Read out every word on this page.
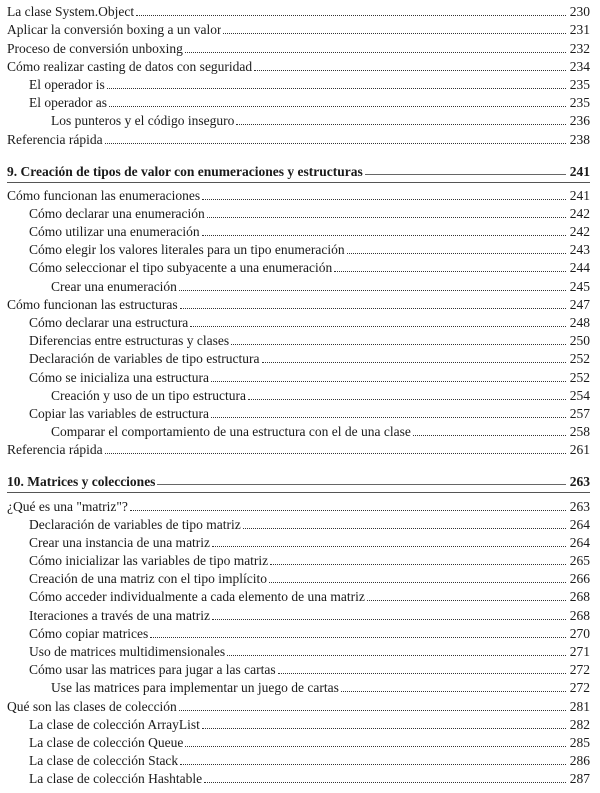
La clase System.Object	230
Aplicar la conversión boxing a un valor	231
Proceso de conversión unboxing	232
Cómo realizar casting de datos con seguridad	234
El operador is	235
El operador as	235
Los punteros y el código inseguro	236
Referencia rápida	238
9. Creación de tipos de valor con enumeraciones y estructuras	241
Cómo funcionan las enumeraciones	241
Cómo declarar una enumeración	242
Cómo utilizar una enumeración	242
Cómo elegir los valores literales para un tipo enumeración	243
Cómo seleccionar el tipo subyacente a una enumeración	244
Crear una enumeración	245
Cómo funcionan las estructuras	247
Cómo declarar una estructura	248
Diferencias entre estructuras y clases	250
Declaración de variables de tipo estructura	252
Cómo se inicializa una estructura	252
Creación y uso de un tipo estructura	254
Copiar las variables de estructura	257
Comparar el comportamiento de una estructura con el de una clase	258
Referencia rápida	261
10. Matrices y colecciones	263
¿Qué es una "matriz"?	263
Declaración de variables de tipo matriz	264
Crear una instancia de una matriz	264
Cómo inicializar las variables de tipo matriz	265
Creación de una matriz con el tipo implícito	266
Cómo acceder individualmente a cada elemento de una matriz	268
Iteraciones a través de una matriz	268
Cómo copiar matrices	270
Uso de matrices multidimensionales	271
Cómo usar las matrices para jugar a las cartas	272
Use las matrices para implementar un juego de cartas	272
Qué son las clases de colección	281
La clase de colección ArrayList	282
La clase de colección Queue	285
La clase de colección Stack	286
La clase de colección Hashtable	287
